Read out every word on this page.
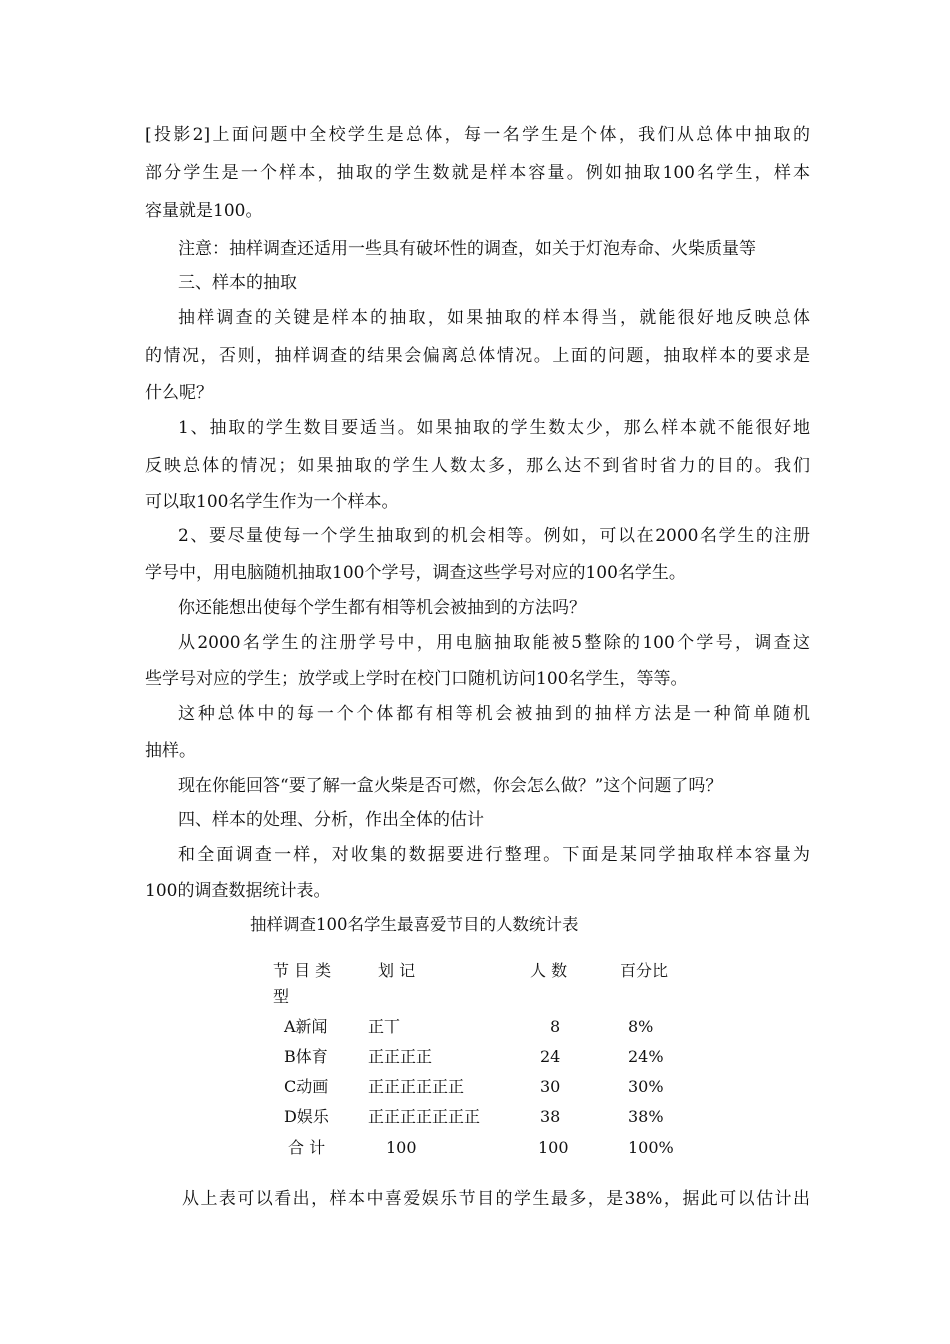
[投影2]上面问题中全校学生是总体，每一名学生是个体，我们从总体中抽取的
部分学生是一个样本，抽取的学生数就是样本容量。例如抽取100名学生，样本
容量就是100。
注意：抽样调查还适用一些具有破坏性的调查，如关于灯泡寿命、火柴质量等
三、样本的抽取
抽样调查的关键是样本的抽取，如果抽取的样本得当，就能很好地反映总体
的情况，否则，抽样调查的结果会偏离总体情况。上面的问题，抽取样本的要求是
什么呢？
1、抽取的学生数目要适当。如果抽取的学生数太少，那么样本就不能很好地
反映总体的情况；如果抽取的学生人数太多，那么达不到省时省力的目的。我们
可以取100名学生作为一个样本。
2、要尽量使每一个学生抽取到的机会相等。例如，可以在2000名学生的注册
学号中，用电脑随机抽取100个学号，调查这些学号对应的100名学生。
你还能想出使每个学生都有相等机会被抽到的方法吗？
从2000名学生的注册学号中，用电脑抽取能被5整除的100个学号，调查这
些学号对应的学生；放学或上学时在校门口随机访问100名学生，等等。
这种总体中的每一个个体都有相等机会被抽到的抽样方法是一种简单随机
抽样。
现在你能回答“要了解一盒火柴是否可燃，你会怎么做？”这个问题了吗？
四、样本的处理、分析，作出全体的估计
和全面调查一样，对收集的数据要进行整理。下面是某同学抽取样本容量为
100的调查数据统计表。
抽样调查100名学生最喜爱节目的人数统计表
节 目 类
型
划 记	人 数	百分比
A新闻	正丅	8	8%
B体育	正正正正	24	24%
C动画 正正正正正正	30	30%
D娱乐 正正正正正正正	38	38%
合 计	100	100	100%
从上表可以看出，样本中喜爱娱乐节目的学生最多，是38%，据此可以估计出
